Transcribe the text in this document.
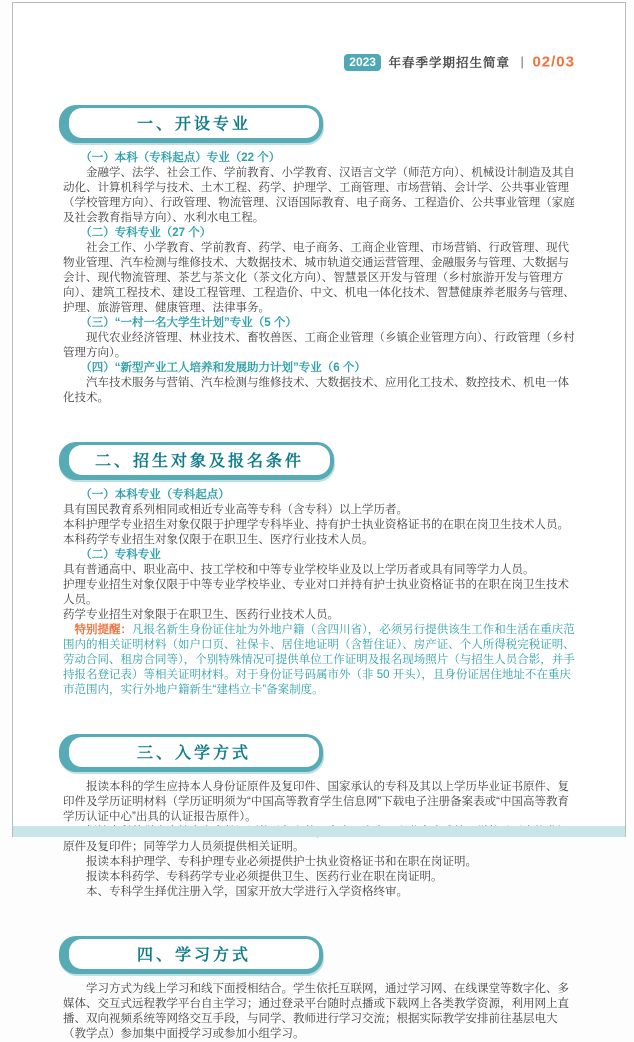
2023 年春季学期招生简章 | 02/03
一、开设专业

（一）本科（专科起点）专业（22 个）

金融学、法学、社会工作、学前教育、小学教育、汉语言文学（师范方向）、机械设计制造及其自动化、计算机科学与技术、土木工程、药学、护理学、工商管理、市场营销、会计学、公共事业管理（学校管理方向）、行政管理、物流管理、汉语国际教育、电子商务、工程造价、公共事业管理（家庭及社会教育指导方向）、水利水电工程。

（二）专科专业（27 个）

社会工作、小学教育、学前教育、药学、电子商务、工商企业管理、市场营销、行政管理、现代物业管理、汽车检测与维修技术、大数据技术、城市轨道交通运营管理、金融服务与管理、大数据与会计、现代物流管理、茶艺与茶文化（茶文化方向）、智慧景区开发与管理（乡村旅游开发与管理方向）、建筑工程技术、建设工程管理、工程造价、中文、机电一体化技术、智慧健康养老服务与管理、护理、旅游管理、健康管理、法律事务。

（三）“一村一名大学生计划”专业（5 个）

现代农业经济管理、林业技术、畜牧兽医、工商企业管理（乡镇企业管理方向）、行政管理（乡村管理方向）。

（四）“新型产业工人培养和发展助力计划”专业（6 个）

汽车技术服务与营销、汽车检测与维修技术、大数据技术、应用化工技术、数控技术、机电一体化技术。

二、招生对象及报名条件

（一）本科专业（专科起点）

具有国民教育系列相同或相近专业高等专科（含专科）以上学历者。

本科护理学专业招生对象仅限于护理学专科毕业、持有护士执业资格证书的在职在岗卫生技术人员。

本科药学专业招生对象仅限于在职卫生、医疗行业技术人员。

（二）专科专业

具有普通高中、职业高中、技工学校和中等专业学校毕业及以上学历者或具有同等学力人员。

护理专业招生对象仅限于中等专业学校毕业、专业对口并持有护士执业资格证书的在职在岗卫生技术人员。

药学专业招生对象限于在职卫生、医药行业技术人员。

特别提醒：凡报名新生身份证住址为外地户籍（含四川省），必须另行提供该生工作和生活在重庆范围内的相关证明材料（如户口页、社保卡、居住地证明（含暂住证）、房产证、个人所得税完税证明、劳动合同、租房合同等），个别特殊情况可提供单位工作证明及报名现场照片（与招生人员合影，并手持报名登记表）等相关证明材料。对于身份证号码属市外（非 50 开头），且身份证居住地址不在重庆市范围内，实行外地户籍新生“建档立卡”备案制度。

三、入学方式

报读本科的学生应持本人身份证原件及复印件、国家承认的专科及其以上学历毕业证书原件、复印件及学历证明材料（学历证明须为“中国高等教育学生信息网”下载电子注册备案表或“中国高等教育学历认证中心”出具的认证报告原件）。

原件及复印件；同等学力人员须提供相关证明。

报读本科护理学、专科护理专业必须提供护士执业资格证书和在职在岗证明。

报读本科药学、专科药学专业必须提供卫生、医药行业在职在岗证明。

本、专科学生择优注册入学，国家开放大学进行入学资格终审。

四、学习方式

学习方式为线上学习和线下面授相结合。学生依托互联网，通过学习网、在线课堂等数字化、多媒体、交互式远程教学平台自主学习；通过登录平台随时点播或下载网上各类教学资源，利用网上直播、双向视频系统等网络交互手段，与同学、教师进行学习交流；根据实际教学安排前往基层电大（教学点）参加集中面授学习或参加小组学习。
